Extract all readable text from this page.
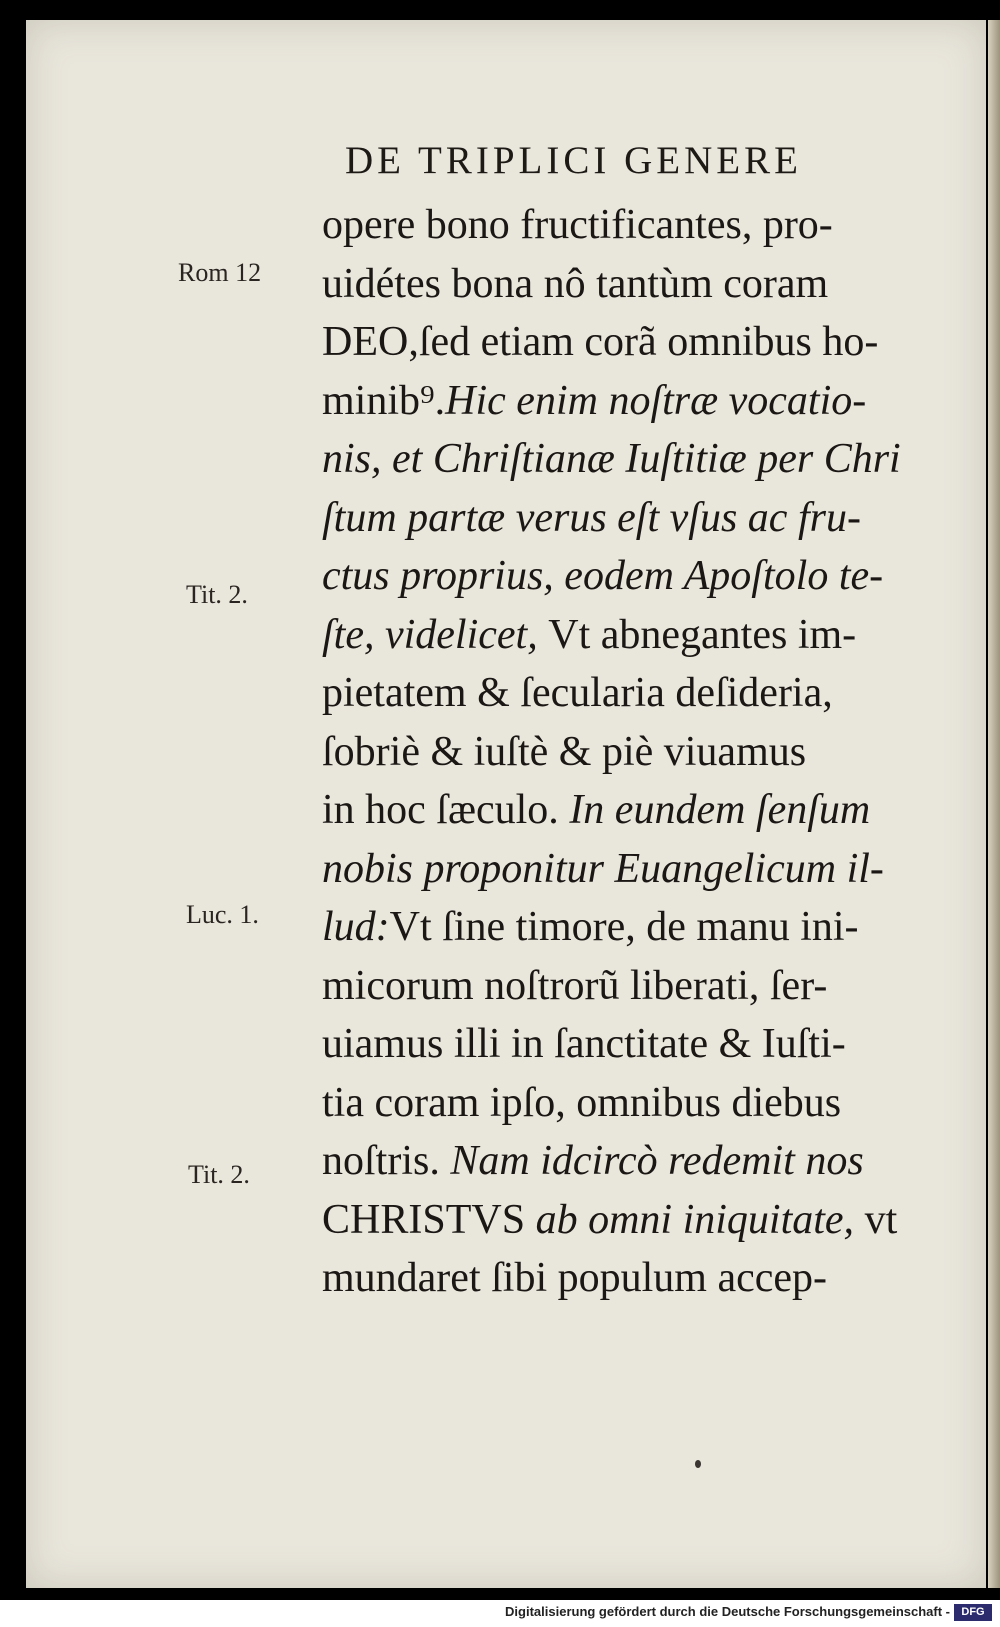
DE TRIPLICI GENERE
Rom 12
Tit. 2.
Luc. 1.
Tit. 2.
opere bono fructificantes, pro-
uidétes bona nô tantùm coram
DEO,ſed etiam corã omnibus ho-
minib⁹.Hic enim noſtræ vocatio-
nis, et Chriſtianæ Iuſtitiæ per Chri
ſtum partæ verus eſt vſus ac fru-
ctus proprius, eodem Apoſtolo te-
ſte, videlicet, Vt abnegantes im-
pietatem & ſecularia deſideria,
ſobriè & iuſtè & piè viuamus
in hoc ſæculo. In eundem ſenſum
nobis proponitur Euangelicum il-
lud:Vt ſine timore, de manu ini-
micorum noſtrorũ liberati, ſer-
uiamus illi in ſanctitate & Iuſti-
tia coram ipſo, omnibus diebus
noſtris. Nam idcircò redemit nos
CHRISTVS ab omni iniquitate, vt
mundaret ſibi populum accep-
Digitalisierung gefördert durch die Deutsche Forschungsgemeinschaft -	DFG
